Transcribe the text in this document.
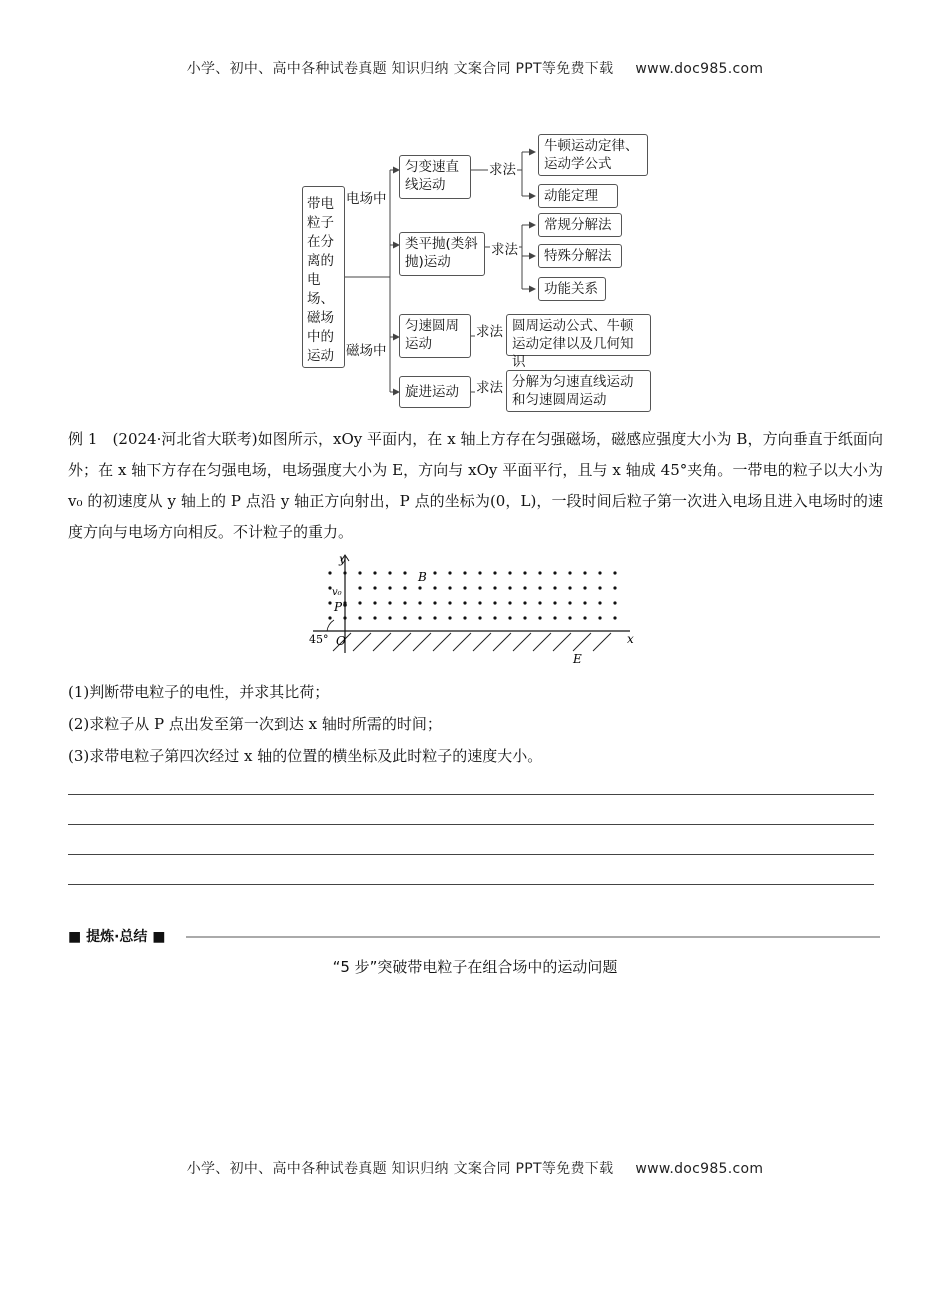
小学、初中、高中各种试卷真题 知识归纳 文案合同 PPT等免费下载 www.doc985.com
带电粒子在分离的电场、磁场中的运动
电场中
磁场中
匀变速直线运动
类平抛(类斜抛)运动
匀速圆周运动
旋进运动
求法
求法
求法
求法
牛顿运动定律、运动学公式
动能定理
常规分解法
特殊分解法
功能关系
圆周运动公式、牛顿运动定律以及几何知识
分解为匀速直线运动和匀速圆周运动
例 1　(2024·河北省大联考)如图所示，xOy 平面内，在 x 轴上方存在匀强磁场，磁感应强度大小为 B，方向垂直于纸面向外；在 x 轴下方存在匀强电场，电场强度大小为 E，方向与 xOy 平面平行，且与 x 轴成 45°夹角。一带电的粒子以大小为 v₀ 的初速度从 y 轴上的 P 点沿 y 轴正方向射出，P 点的坐标为(0，L)，一段时间后粒子第一次进入电场且进入电场时的速度方向与电场方向相反。不计粒子的重力。
y
x
B
E
v₀
P
O
45°
(1)判断带电粒子的电性，并求其比荷；
(2)求粒子从 P 点出发至第一次到达 x 轴时所需的时间；
(3)求带电粒子第四次经过 x 轴的位置的横坐标及此时粒子的速度大小。
■ 提炼·总结 ■
“5 步”突破带电粒子在组合场中的运动问题
小学、初中、高中各种试卷真题 知识归纳 文案合同 PPT等免费下载 www.doc985.com
